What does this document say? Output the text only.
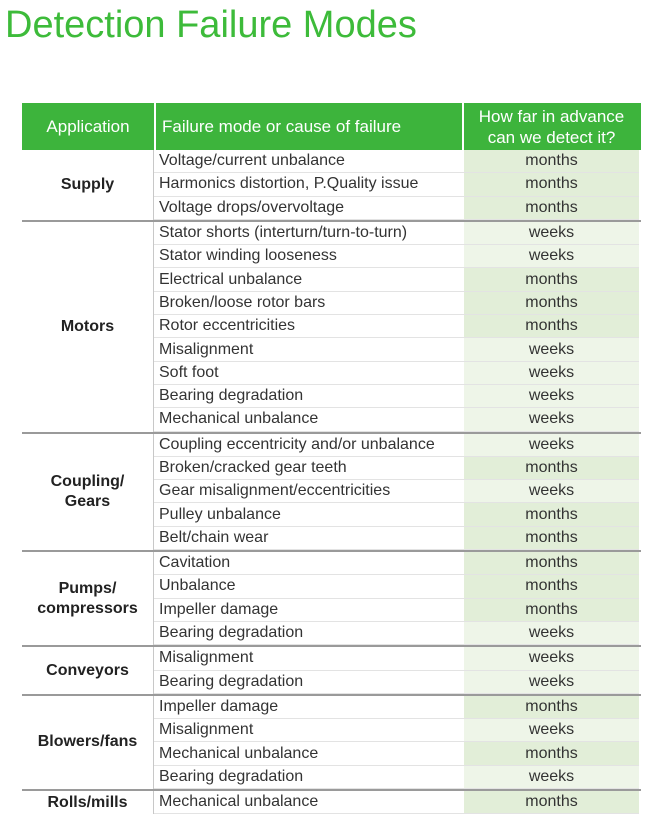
Detection Failure Modes
Application	Failure mode or cause of failure
How far in advance
can we detect it?
Supply
Voltage/current unbalance	months
Harmonics distortion, P.Quality issue	months
Voltage drops/overvoltage	months
Motors
Stator shorts (interturn/turn-to-turn)	weeks
Stator winding looseness	weeks
Electrical unbalance	months
Broken/loose rotor bars	months
Rotor eccentricities	months
Misalignment	weeks
Soft foot	weeks
Bearing degradation	weeks
Mechanical unbalance	weeks
Coupling/
Gears
Coupling eccentricity and/or unbalance	weeks
Broken/cracked gear teeth	months
Gear misalignment/eccentricities	weeks
Pulley unbalance	months
Belt/chain wear	months
Pumps/
compressors
Cavitation	months
Unbalance	months
Impeller damage	months
Bearing degradation	weeks
Conveyors
Misalignment	weeks
Bearing degradation	weeks
Blowers/fans
Impeller damage	months
Misalignment	weeks
Mechanical unbalance	months
Bearing degradation	weeks
Rolls/mills	Mechanical unbalance	months
